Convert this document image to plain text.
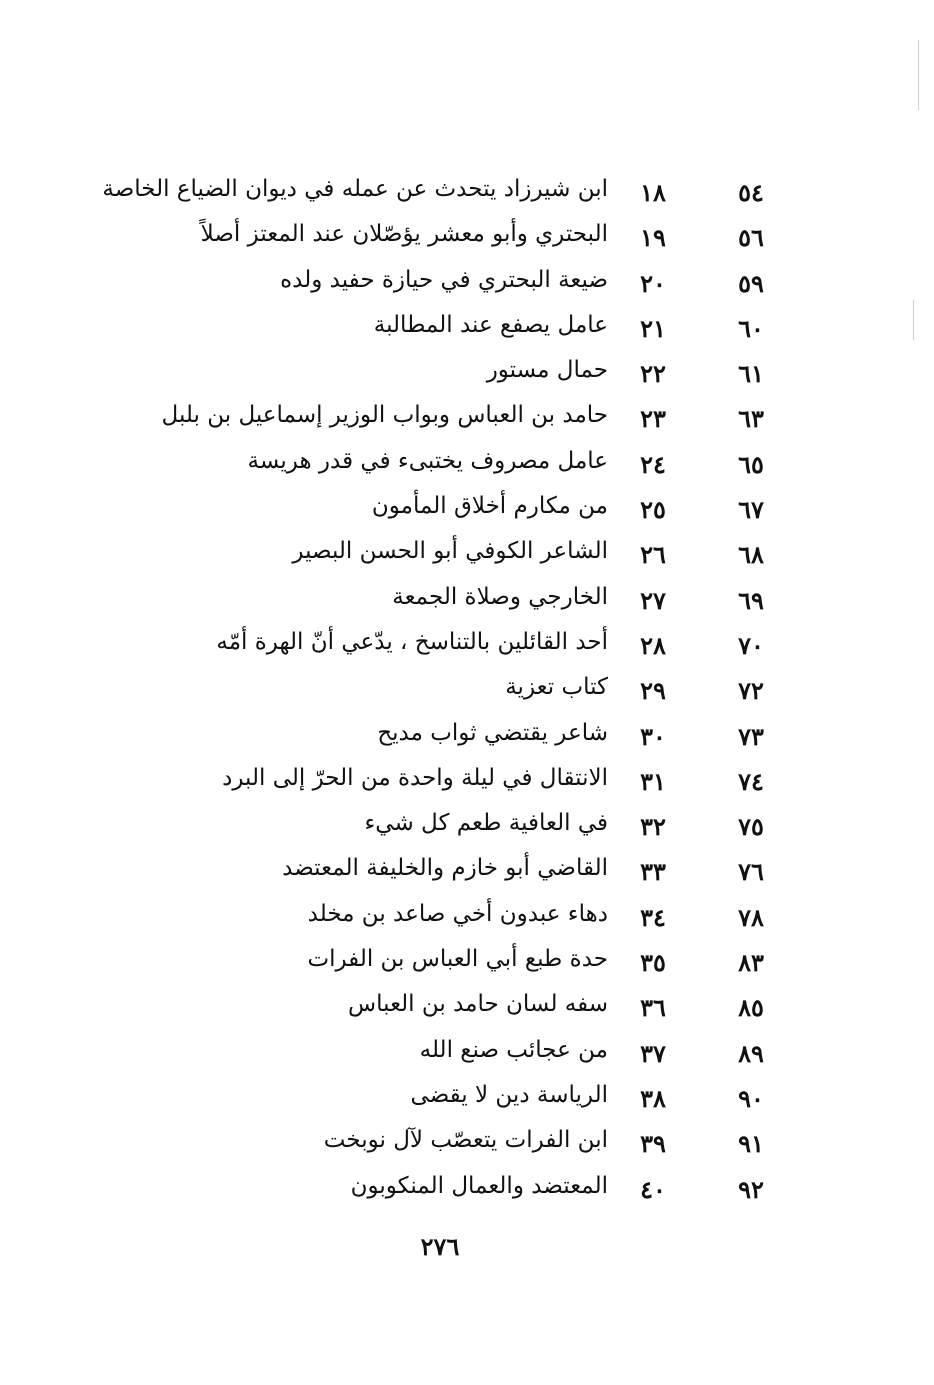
٥٤
١٨
ابن شيرزاد يتحدث عن عمله في ديوان الضياع الخاصة
٥٦
١٩
البحتري وأبو معشر يؤصّلان عند المعتز أصلاً
٥٩
٢٠
ضيعة البحتري في حيازة حفيد ولده
٦٠
٢١
عامل يصفع عند المطالبة
٦١
٢٢
حمال مستور
٦٣
٢٣
حامد بن العباس وبواب الوزير إسماعيل بن بلبل
٦٥
٢٤
عامل مصروف يختبىء في قدر هريسة
٦٧
٢٥
من مكارم أخلاق المأمون
٦٨
٢٦
الشاعر الكوفي أبو الحسن البصير
٦٩
٢٧
الخارجي وصلاة الجمعة
٧٠
٢٨
أحد القائلين بالتناسخ ، يدّعي أنّ الهرة أمّه
٧٢
٢٩
كتاب تعزية
٧٣
٣٠
شاعر يقتضي ثواب مديح
٧٤
٣١
الانتقال في ليلة واحدة من الحرّ إلى البرد
٧٥
٣٢
في العافية طعم كل شيء
٧٦
٣٣
القاضي أبو خازم والخليفة المعتضد
٧٨
٣٤
دهاء عبدون أخي صاعد بن مخلد
٨٣
٣٥
حدة طبع أبي العباس بن الفرات
٨٥
٣٦
سفه لسان حامد بن العباس
٨٩
٣٧
من عجائب صنع الله
٩٠
٣٨
الرياسة دين لا يقضى
٩١
٣٩
ابن الفرات يتعصّب لآل نوبخت
٩٢
٤٠
المعتضد والعمال المنكوبون
٢٧٦
